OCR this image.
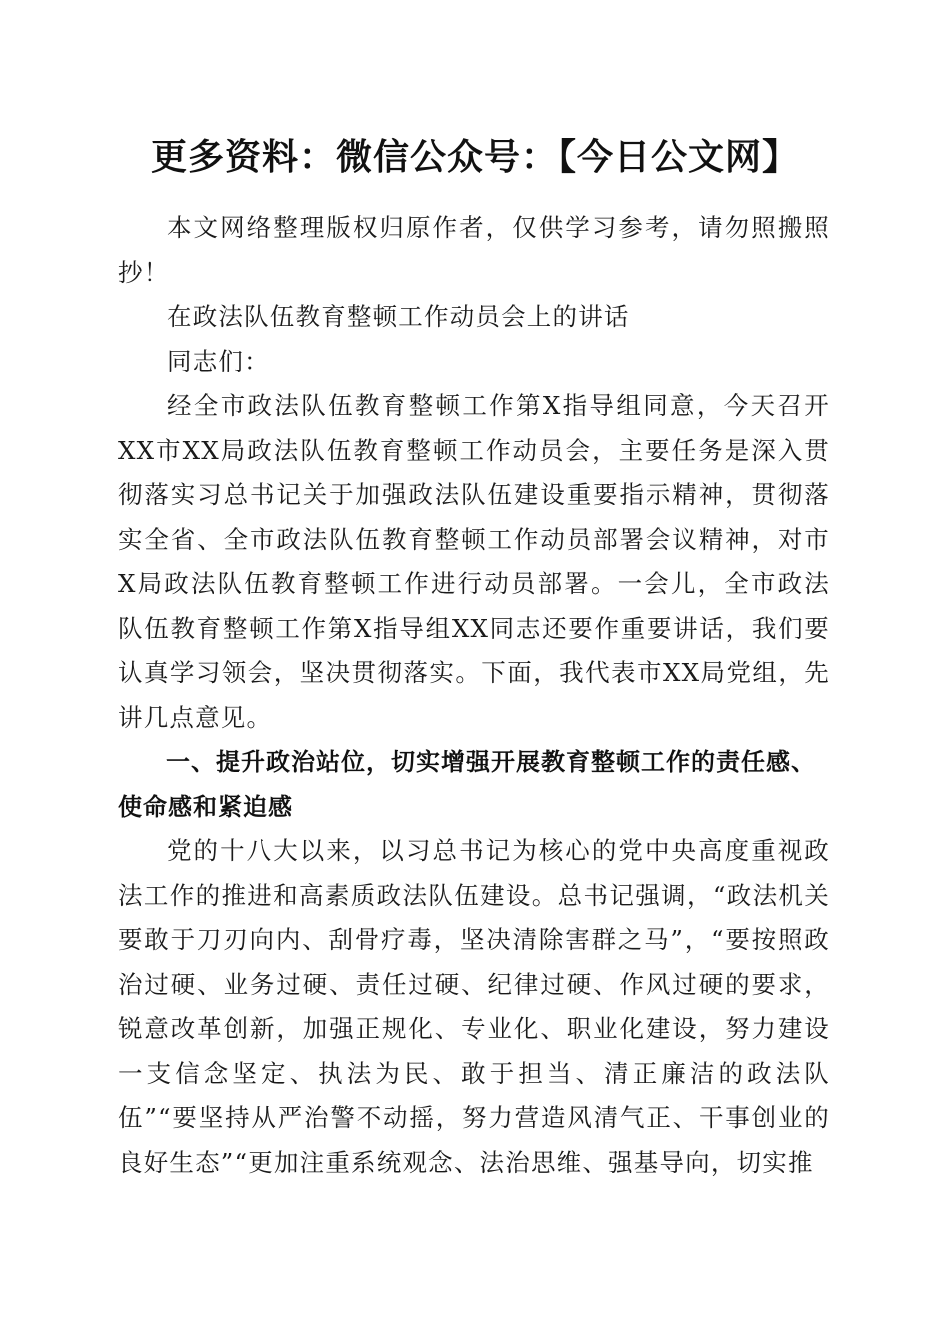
更多资料：微信公众号：【今日公文网】

本文网络整理版权归原作者，仅供学习参考，请勿照搬照抄！

在政法队伍教育整顿工作动员会上的讲话

同志们：

经全市政法队伍教育整顿工作第X指导组同意，今天召开XX市XX局政法队伍教育整顿工作动员会，主要任务是深入贯彻落实习总书记关于加强政法队伍建设重要指示精神，贯彻落实全省、全市政法队伍教育整顿工作动员部署会议精神，对市X局政法队伍教育整顿工作进行动员部署。一会儿，全市政法队伍教育整顿工作第X指导组XX同志还要作重要讲话，我们要认真学习领会，坚决贯彻落实。下面，我代表市XX局党组，先讲几点意见。

一、提升政治站位，切实增强开展教育整顿工作的责任感、使命感和紧迫感

党的十八大以来，以习总书记为核心的党中央高度重视政法工作的推进和高素质政法队伍建设。总书记强调，“政法机关要敢于刀刃向内、刮骨疗毒，坚决清除害群之马”，“要按照政治过硬、业务过硬、责任过硬、纪律过硬、作风过硬的要求，锐意改革创新，加强正规化、专业化、职业化建设，努力建设一支信念坚定、执法为民、敢于担当、清正廉洁的政法队伍”“要坚持从严治警不动摇，努力营造风清气正、干事创业的良好生态”“更加注重系统观念、法治思维、强基导向，切实推
